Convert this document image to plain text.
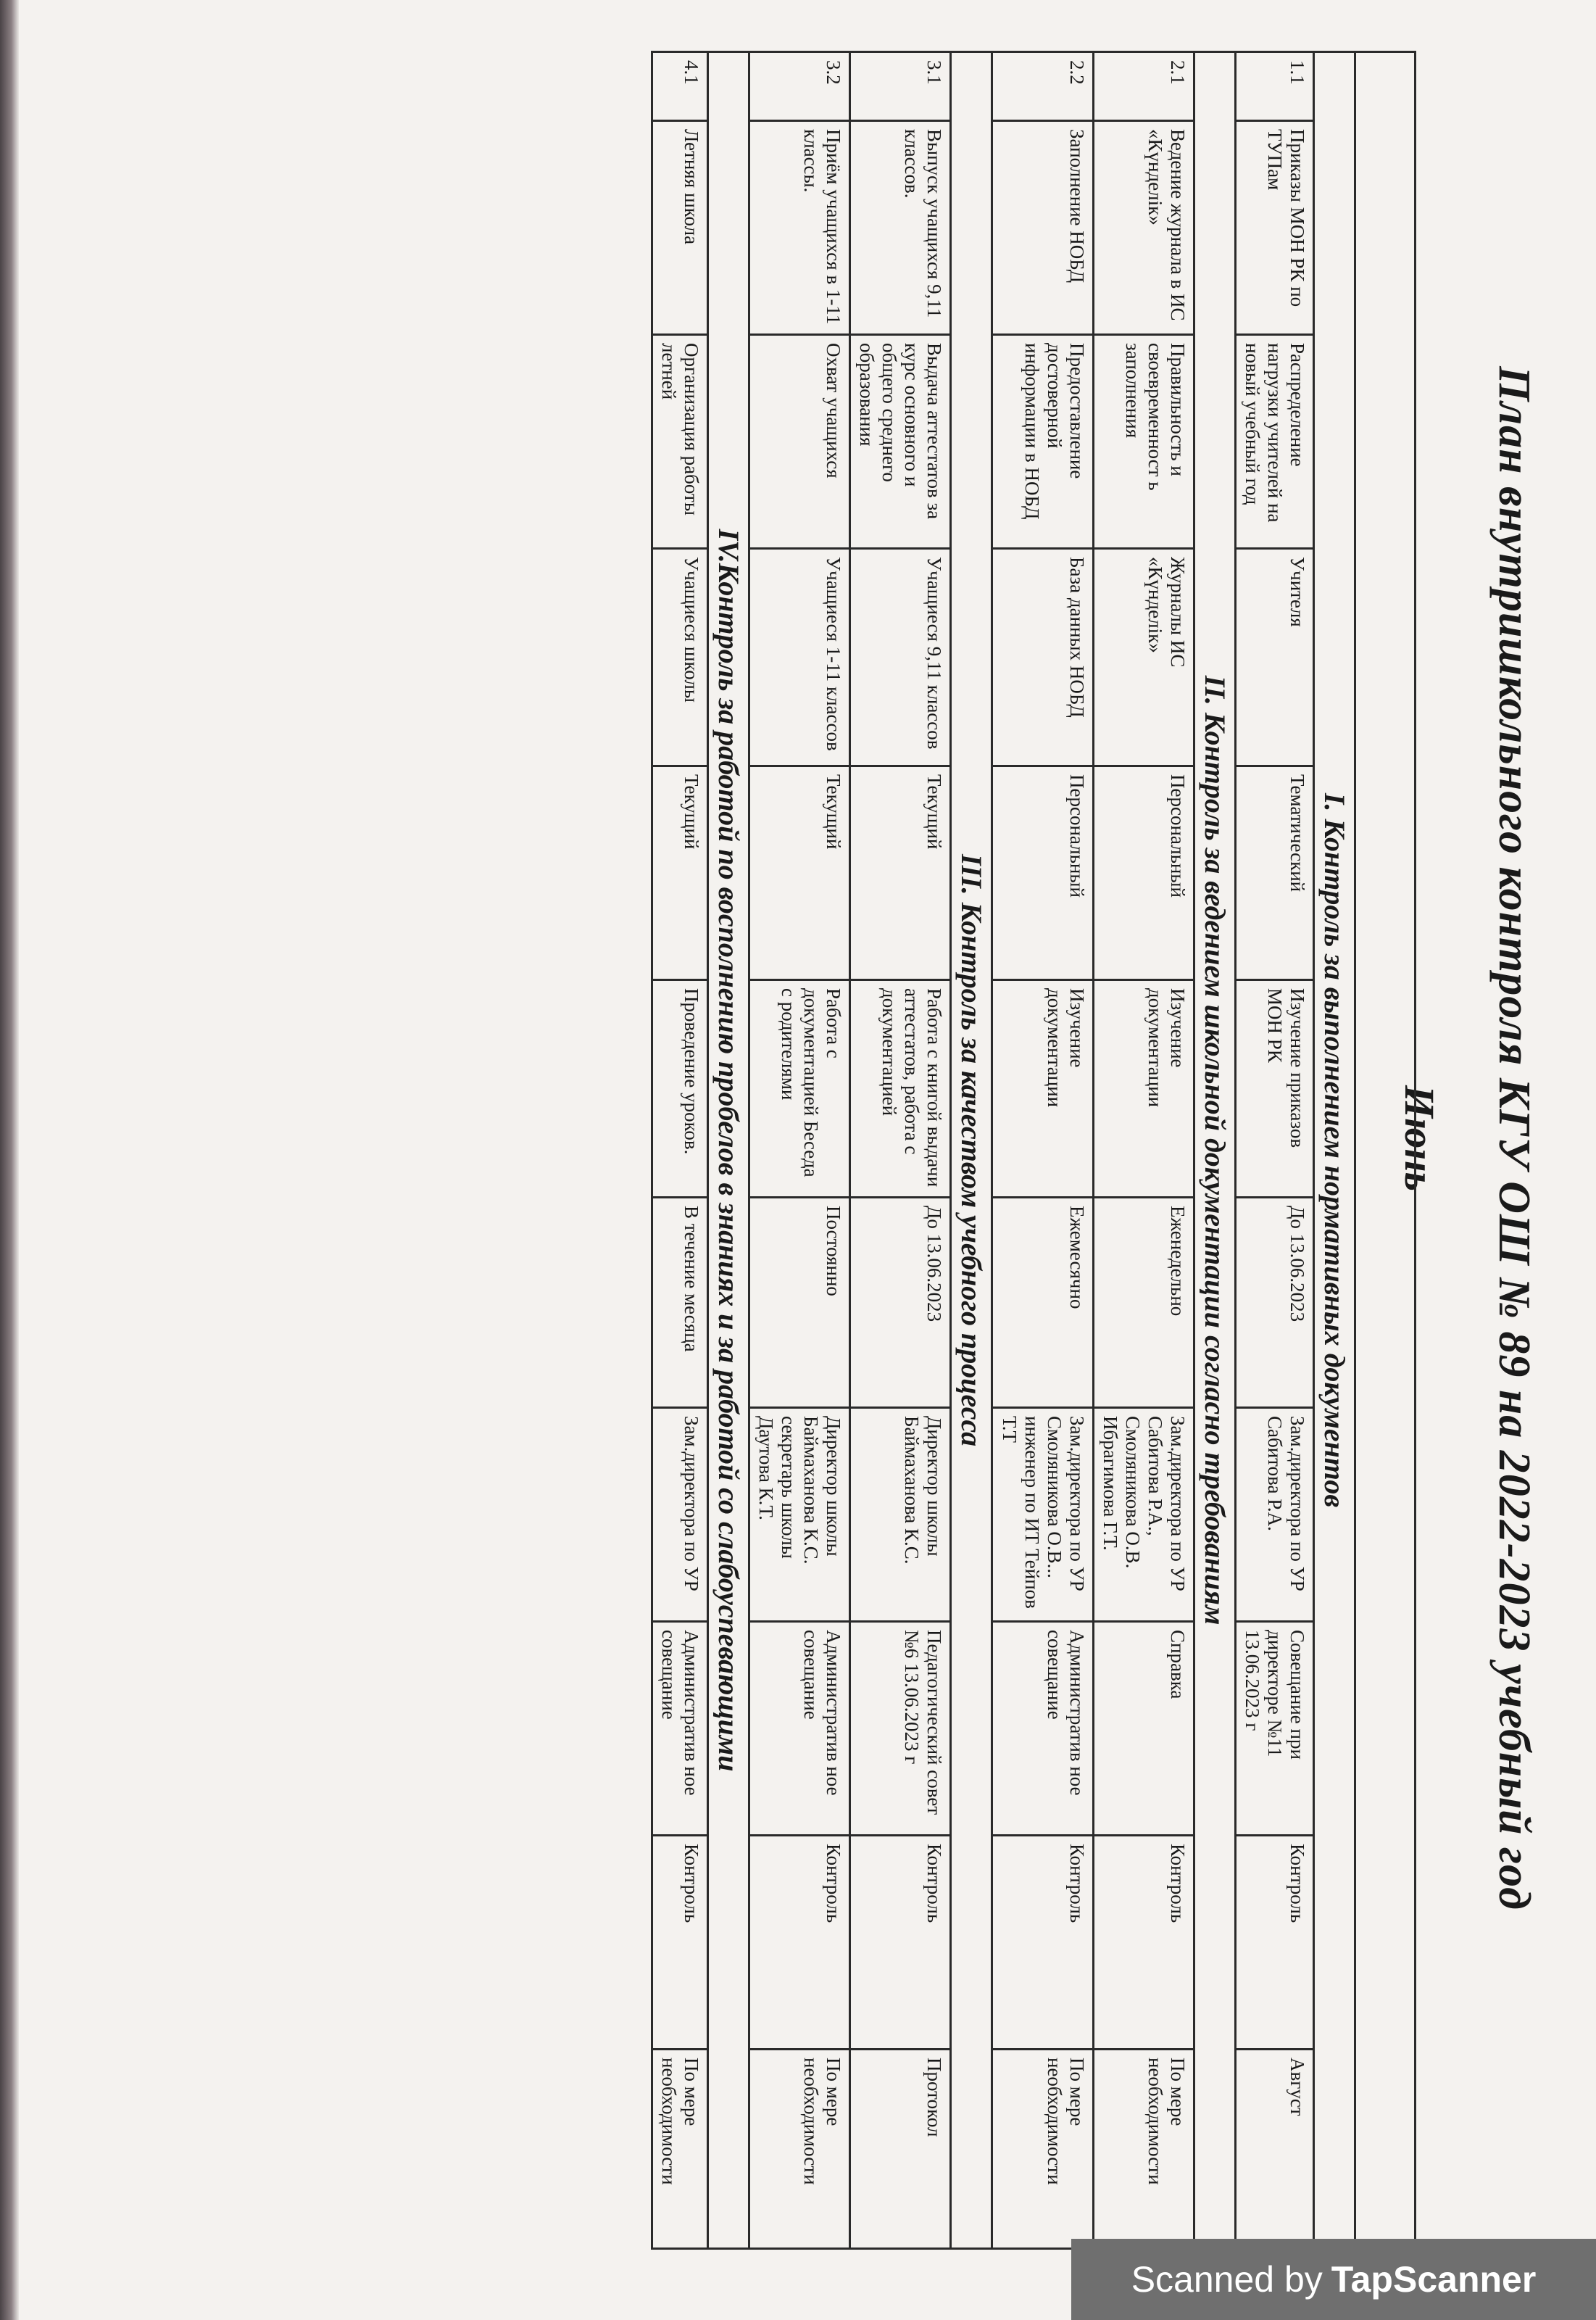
План внутришкольного контроля КГУ ОШ № 89 на 2022-2023 учебный год
Июнь

I. Контроль за выполнением нормативных документов										
1.1	Приказы МОН РК по ТУПам	Распределение нагрузки учителей на новый учебный год	Учителя	Тематический	Изучение приказов МОН РК	До 13.06.2023	Зам.директора по УР Сабитова Р.А.	Совещание при директоре №11 13.06.2023 г	Контроль	Август
II. Контроль за ведением школьной документации согласно требованиям										
2.1	Ведение журнала в ИС «Күнделік»	Правильность и своевременност ь заполнения	Журналы ИС «Күнделік»	Персональный	Изучение документации	Еженедельно	Зам.директора по УР Сабитова Р.А., Смоляникова О.В. Ибрагимова Г.Т.	Справка	Контроль	По мере необходимости
2.2	Заполнение НОБД	Предоставление достоверной информации в НОБД	База данных НОБД	Персональный	Изучение документации	Ежемесячно	Зам.директора по УР Смоляникова О.В... инженер по ИТ Тейпов Т.Т	Административ ное совещание	Контроль	По мере необходимости
III. Контроль за качеством учебного процесса										
3.1	Выпуск учащихся 9,11 классов.	Выдача аттестатов за курс основного и общего среднего образования	Учащиеся 9,11 классов	Текущий	Работа с книгой выдачи аттестатов, работа с документацией	До 13.06.2023	Директор школы Баймаханова К.С.	Педагогический совет №6 13.06.2023 г	Контроль	Протокол
3.2	Приём учащихся в 1-11 классы.	Охват учащихся	Учащиеся 1-11 классов	Текущий	Работа с документацией Беседа с родителями	Постоянно	Директор школы Баймаханова К.С. секретарь школы Даутова К.Т.	Административ ное совещание	Контроль	По мере необходимости
IV.Контроль за работой по восполнению пробелов в знаниях и за работой со слабоуспевающими										
4.1	Летняя школа	Организация работы летней	Учащиеся школы	Текущий	Проведение уроков.	В течение месяца	Зам.директора по УР	Административ ное совещание	Контроль	По мере необходимости
Scanned by TapScanner
